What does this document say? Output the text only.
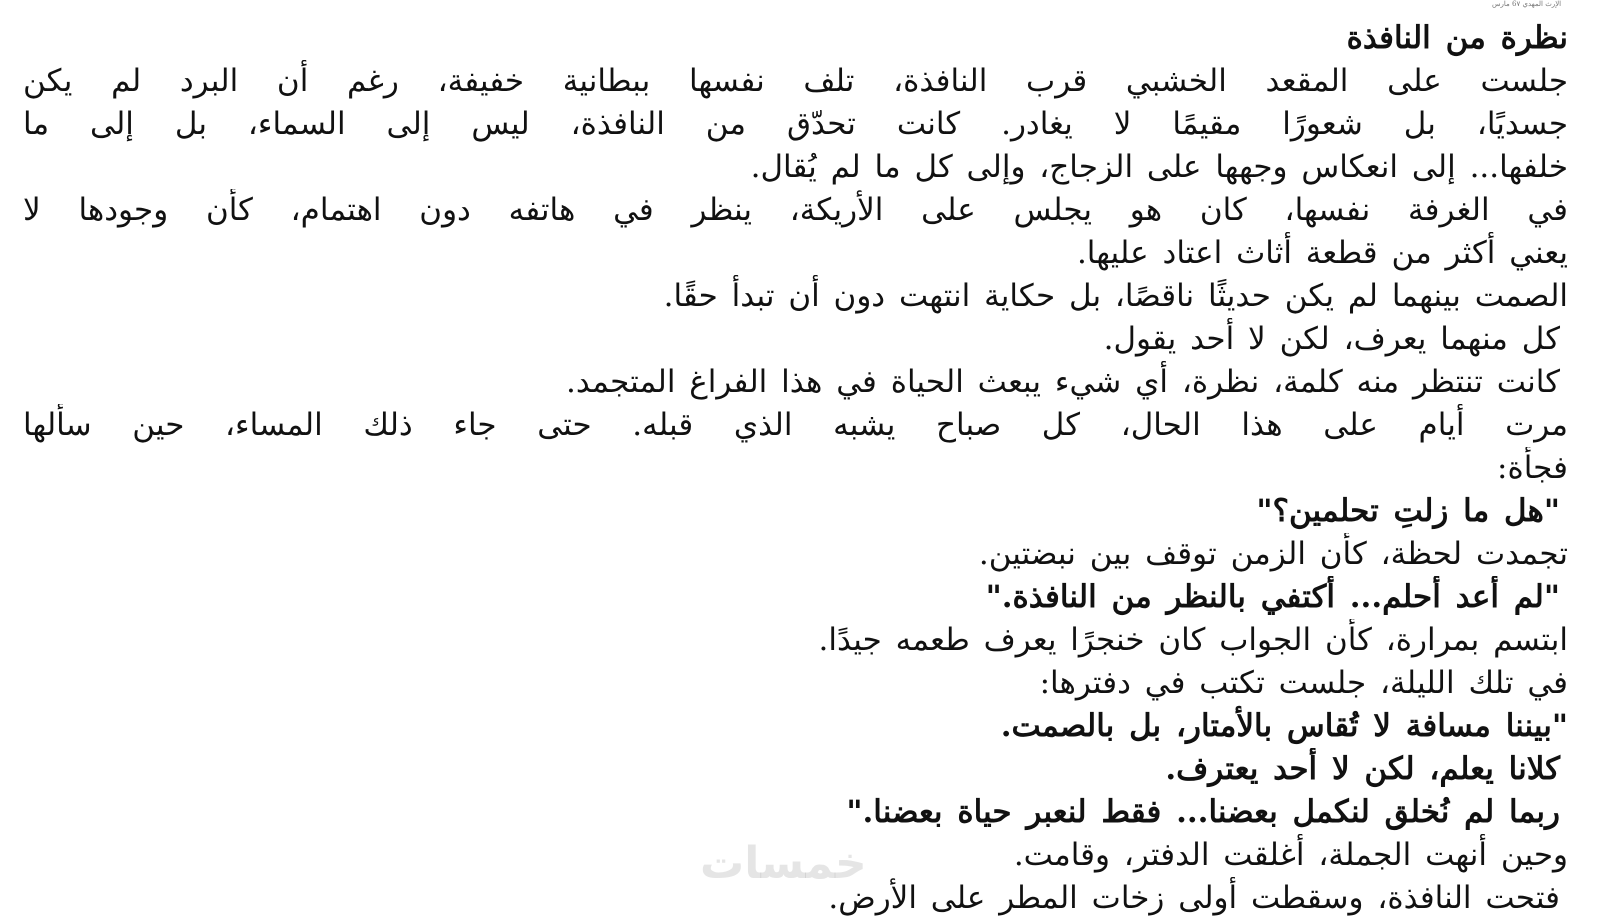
الإرث المهدي 6٧ مارس
نظرة من النافذة
جلست على المقعد الخشبي قرب النافذة، تلف نفسها ببطانية خفيفة، رغم أن البرد لم يكن
جسديًا، بل شعورًا مقيمًا لا يغادر. كانت تحدّق من النافذة، ليس إلى السماء، بل إلى ما
خلفها... إلى انعكاس وجهها على الزجاج، وإلى كل ما لم يُقال.
في الغرفة نفسها، كان هو يجلس على الأريكة، ينظر في هاتفه دون اهتمام، كأن وجودها لا
يعني أكثر من قطعة أثاث اعتاد عليها.
الصمت بينهما لم يكن حديثًا ناقصًا، بل حكاية انتهت دون أن تبدأ حقًا.
كل منهما يعرف، لكن لا أحد يقول.
كانت تنتظر منه كلمة، نظرة، أي شيء يبعث الحياة في هذا الفراغ المتجمد.
مرت أيام على هذا الحال، كل صباح يشبه الذي قبله. حتى جاء ذلك المساء، حين سألها
فجأة:
"هل ما زلتِ تحلمين؟"
تجمدت لحظة، كأن الزمن توقف بين نبضتين.
"لم أعد أحلم... أكتفي بالنظر من النافذة."
ابتسم بمرارة، كأن الجواب كان خنجرًا يعرف طعمه جيدًا.
في تلك الليلة، جلست تكتب في دفترها:
"بيننا مسافة لا تُقاس بالأمتار، بل بالصمت.
كلانا يعلم، لكن لا أحد يعترف.
ربما لم نُخلق لنكمل بعضنا... فقط لنعبر حياة بعضنا."
وحين أنهت الجملة، أغلقت الدفتر، وقامت.
فتحت النافذة، وسقطت أولى زخات المطر على الأرض.
خمسات
